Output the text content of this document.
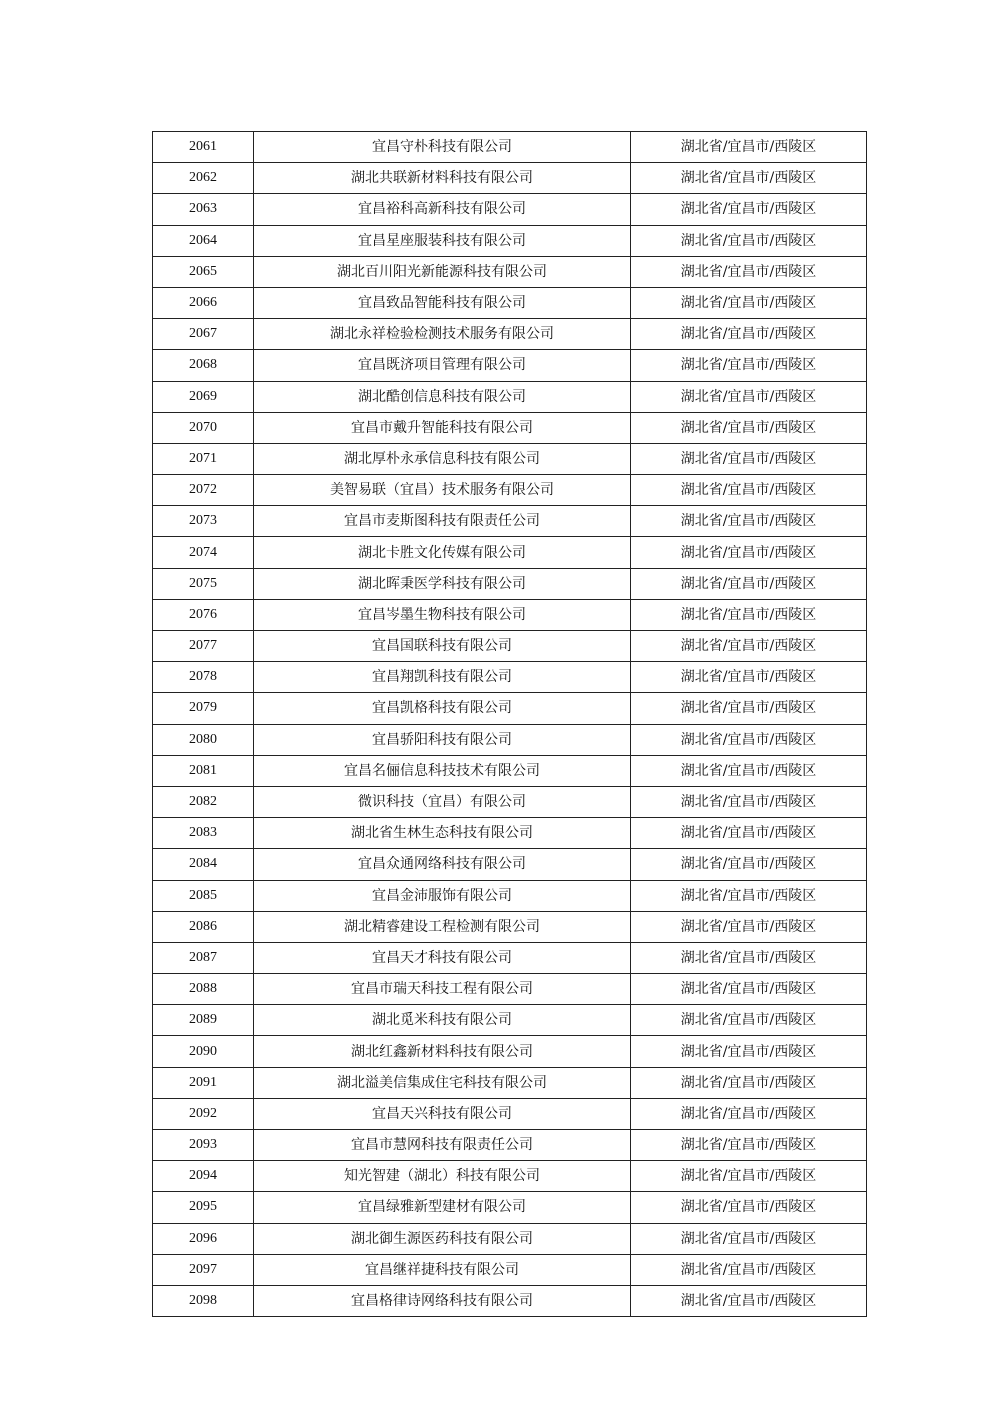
2061	宜昌守朴科技有限公司	湖北省/宜昌市/西陵区
2062	湖北共联新材料科技有限公司	湖北省/宜昌市/西陵区
2063	宜昌裕科高新科技有限公司	湖北省/宜昌市/西陵区
2064	宜昌星座服装科技有限公司	湖北省/宜昌市/西陵区
2065	湖北百川阳光新能源科技有限公司	湖北省/宜昌市/西陵区
2066	宜昌致品智能科技有限公司	湖北省/宜昌市/西陵区
2067	湖北永祥检验检测技术服务有限公司	湖北省/宜昌市/西陵区
2068	宜昌既济项目管理有限公司	湖北省/宜昌市/西陵区
2069	湖北酷创信息科技有限公司	湖北省/宜昌市/西陵区
2070	宜昌市戴升智能科技有限公司	湖北省/宜昌市/西陵区
2071	湖北厚朴永承信息科技有限公司	湖北省/宜昌市/西陵区
2072	美智易联（宜昌）技术服务有限公司	湖北省/宜昌市/西陵区
2073	宜昌市麦斯图科技有限责任公司	湖北省/宜昌市/西陵区
2074	湖北卡胜文化传媒有限公司	湖北省/宜昌市/西陵区
2075	湖北晖秉医学科技有限公司	湖北省/宜昌市/西陵区
2076	宜昌岑墨生物科技有限公司	湖北省/宜昌市/西陵区
2077	宜昌国联科技有限公司	湖北省/宜昌市/西陵区
2078	宜昌翔凯科技有限公司	湖北省/宜昌市/西陵区
2079	宜昌凯格科技有限公司	湖北省/宜昌市/西陵区
2080	宜昌骄阳科技有限公司	湖北省/宜昌市/西陵区
2081	宜昌名俪信息科技技术有限公司	湖北省/宜昌市/西陵区
2082	微识科技（宜昌）有限公司	湖北省/宜昌市/西陵区
2083	湖北省生林生态科技有限公司	湖北省/宜昌市/西陵区
2084	宜昌众通网络科技有限公司	湖北省/宜昌市/西陵区
2085	宜昌金沛服饰有限公司	湖北省/宜昌市/西陵区
2086	湖北精睿建设工程检测有限公司	湖北省/宜昌市/西陵区
2087	宜昌天才科技有限公司	湖北省/宜昌市/西陵区
2088	宜昌市瑞天科技工程有限公司	湖北省/宜昌市/西陵区
2089	湖北觅米科技有限公司	湖北省/宜昌市/西陵区
2090	湖北红鑫新材料科技有限公司	湖北省/宜昌市/西陵区
2091	湖北溢美信集成住宅科技有限公司	湖北省/宜昌市/西陵区
2092	宜昌天兴科技有限公司	湖北省/宜昌市/西陵区
2093	宜昌市慧网科技有限责任公司	湖北省/宜昌市/西陵区
2094	知光智建（湖北）科技有限公司	湖北省/宜昌市/西陵区
2095	宜昌绿雅新型建材有限公司	湖北省/宜昌市/西陵区
2096	湖北御生源医药科技有限公司	湖北省/宜昌市/西陵区
2097	宜昌继祥捷科技有限公司	湖北省/宜昌市/西陵区
2098	宜昌格律诗网络科技有限公司	湖北省/宜昌市/西陵区
